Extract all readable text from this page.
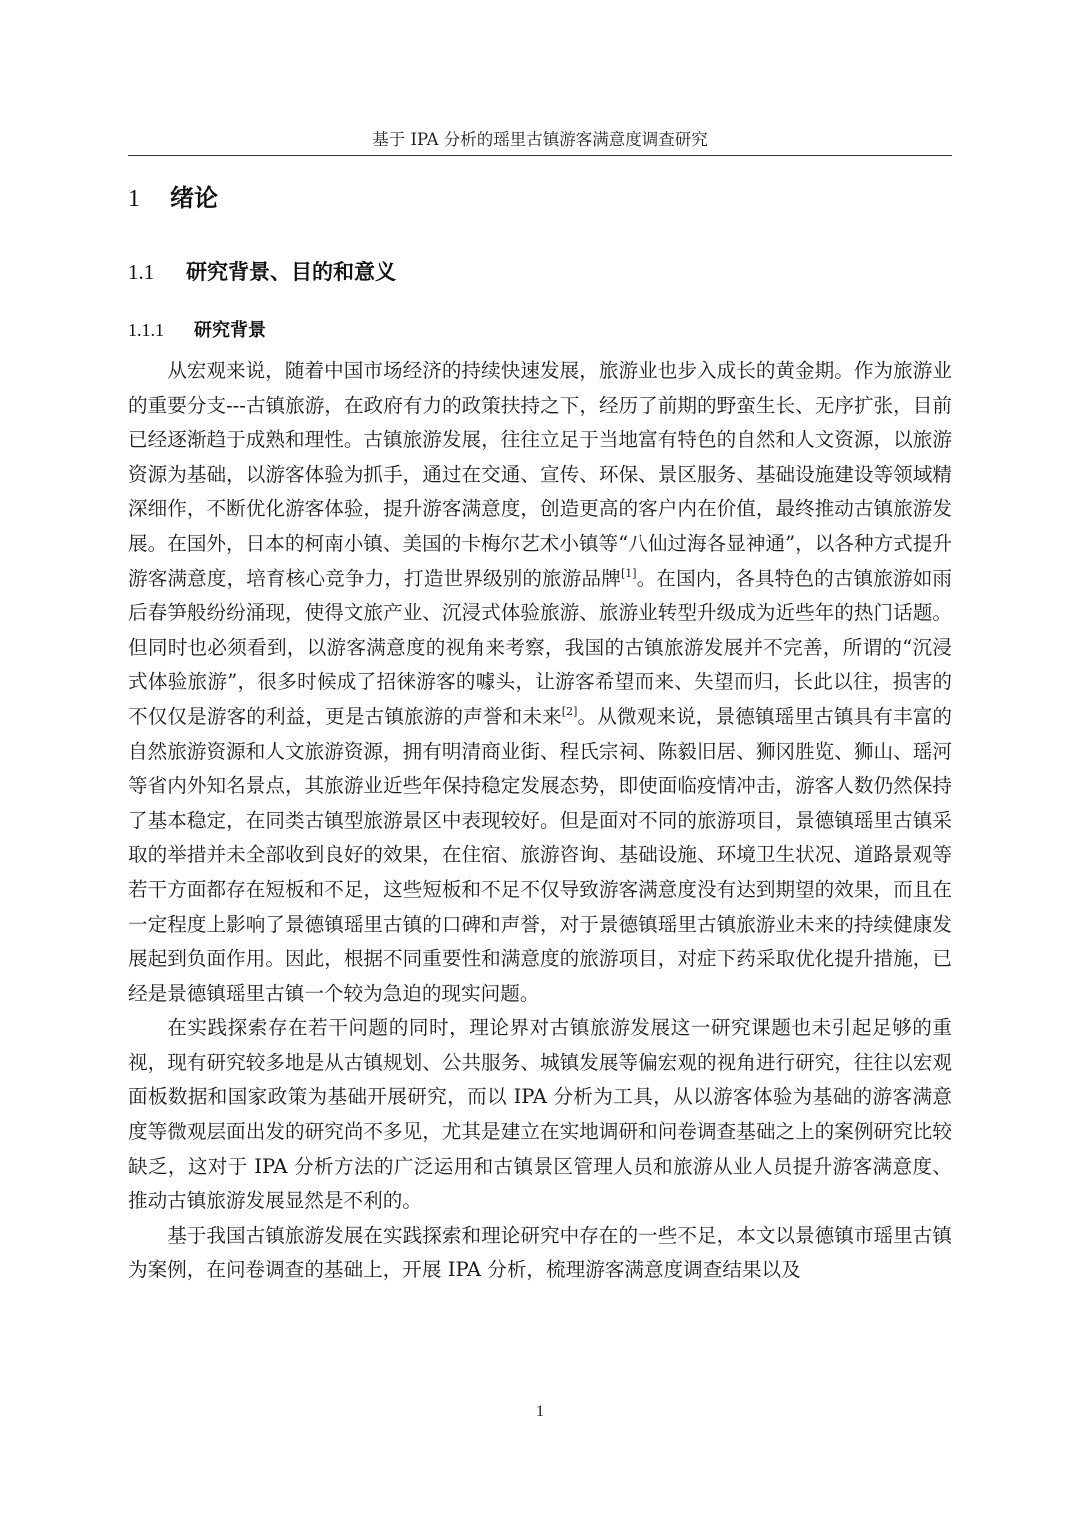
基于 IPA 分析的瑶里古镇游客满意度调查研究
1 绪论
1.1 研究背景、目的和意义
1.1.1 研究背景

从宏观来说，随着中国市场经济的持续快速发展，旅游业也步入成长的黄金期。作为旅游业的重要分支---古镇旅游，在政府有力的政策扶持之下，经历了前期的野蛮生长、无序扩张，目前已经逐渐趋于成熟和理性。古镇旅游发展，往往立足于当地富有特色的自然和人文资源，以旅游资源为基础，以游客体验为抓手，通过在交通、宣传、环保、景区服务、基础设施建设等领域精深细作，不断优化游客体验，提升游客满意度，创造更高的客户内在价值，最终推动古镇旅游发展。在国外，日本的柯南小镇、美国的卡梅尔艺术小镇等“八仙过海各显神通”，以各种方式提升游客满意度，培育核心竞争力，打造世界级别的旅游品牌[1]。在国内，各具特色的古镇旅游如雨后春笋般纷纷涌现，使得文旅产业、沉浸式体验旅游、旅游业转型升级成为近些年的热门话题。但同时也必须看到，以游客满意度的视角来考察，我国的古镇旅游发展并不完善，所谓的“沉浸式体验旅游”，很多时候成了招徕游客的噱头，让游客希望而来、失望而归，长此以往，损害的不仅仅是游客的利益，更是古镇旅游的声誉和未来[2]。从微观来说，景德镇瑶里古镇具有丰富的自然旅游资源和人文旅游资源，拥有明清商业街、程氏宗祠、陈毅旧居、狮冈胜览、狮山、瑶河等省内外知名景点，其旅游业近些年保持稳定发展态势，即使面临疫情冲击，游客人数仍然保持了基本稳定，在同类古镇型旅游景区中表现较好。但是面对不同的旅游项目，景德镇瑶里古镇采取的举措并未全部收到良好的效果，在住宿、旅游咨询、基础设施、环境卫生状况、道路景观等若干方面都存在短板和不足，这些短板和不足不仅导致游客满意度没有达到期望的效果，而且在一定程度上影响了景德镇瑶里古镇的口碑和声誉，对于景德镇瑶里古镇旅游业未来的持续健康发展起到负面作用。因此，根据不同重要性和满意度的旅游项目，对症下药采取优化提升措施，已经是景德镇瑶里古镇一个较为急迫的现实问题。

在实践探索存在若干问题的同时，理论界对古镇旅游发展这一研究课题也未引起足够的重视，现有研究较多地是从古镇规划、公共服务、城镇发展等偏宏观的视角进行研究，往往以宏观面板数据和国家政策为基础开展研究，而以 IPA 分析为工具，从以游客体验为基础的游客满意度等微观层面出发的研究尚不多见，尤其是建立在实地调研和问卷调查基础之上的案例研究比较缺乏，这对于 IPA 分析方法的广泛运用和古镇景区管理人员和旅游从业人员提升游客满意度、推动古镇旅游发展显然是不利的。

基于我国古镇旅游发展在实践探索和理论研究中存在的一些不足，本文以景德镇市瑶里古镇为案例，在问卷调查的基础上，开展 IPA 分析，梳理游客满意度调查结果以及

1
